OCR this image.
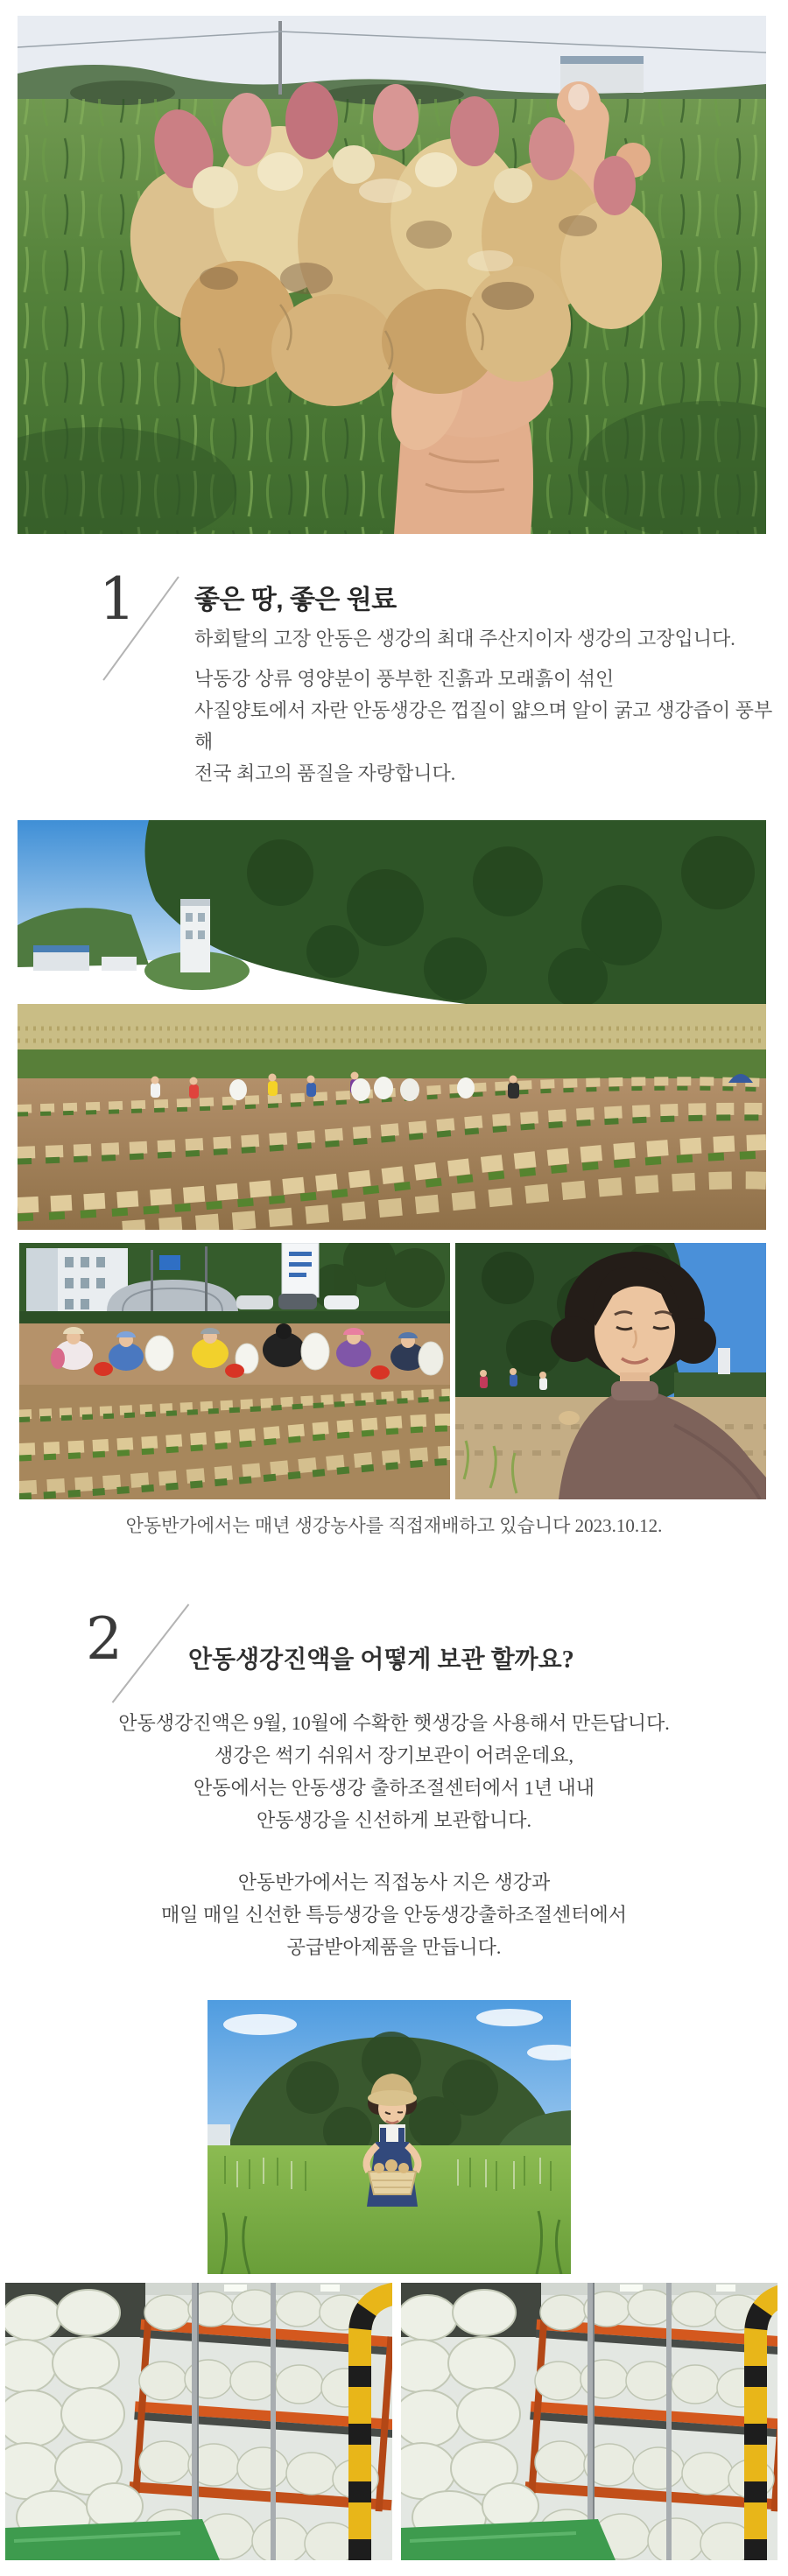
1 좋은 땅, 좋은 원료
하회탈의 고장 안동은 생강의 최대 주산지이자 생강의 고장입니다.
낙동강 상류 영양분이 풍부한 진흙과 모래흙이 섞인
사질양토에서 자란 안동생강은 껍질이 얇으며 알이 굵고 생강즙이 풍부해
전국 최고의 품질을 자랑합니다.
안동반가에서는 매년 생강농사를 직접재배하고 있습니다 2023.10.12.
2	안동생강진액을 어떻게 보관 할까요?
안동생강진액은 9월, 10월에 수확한 햇생강을 사용해서 만든답니다.
생강은 썩기 쉬워서 장기보관이 어려운데요,
안동에서는 안동생강 출하조절센터에서 1년 내내
안동생강을 신선하게 보관합니다.
안동반가에서는 직접농사 지은 생강과
매일 매일 신선한 특등생강을 안동생강출하조절센터에서
공급받아제품을 만듭니다.
